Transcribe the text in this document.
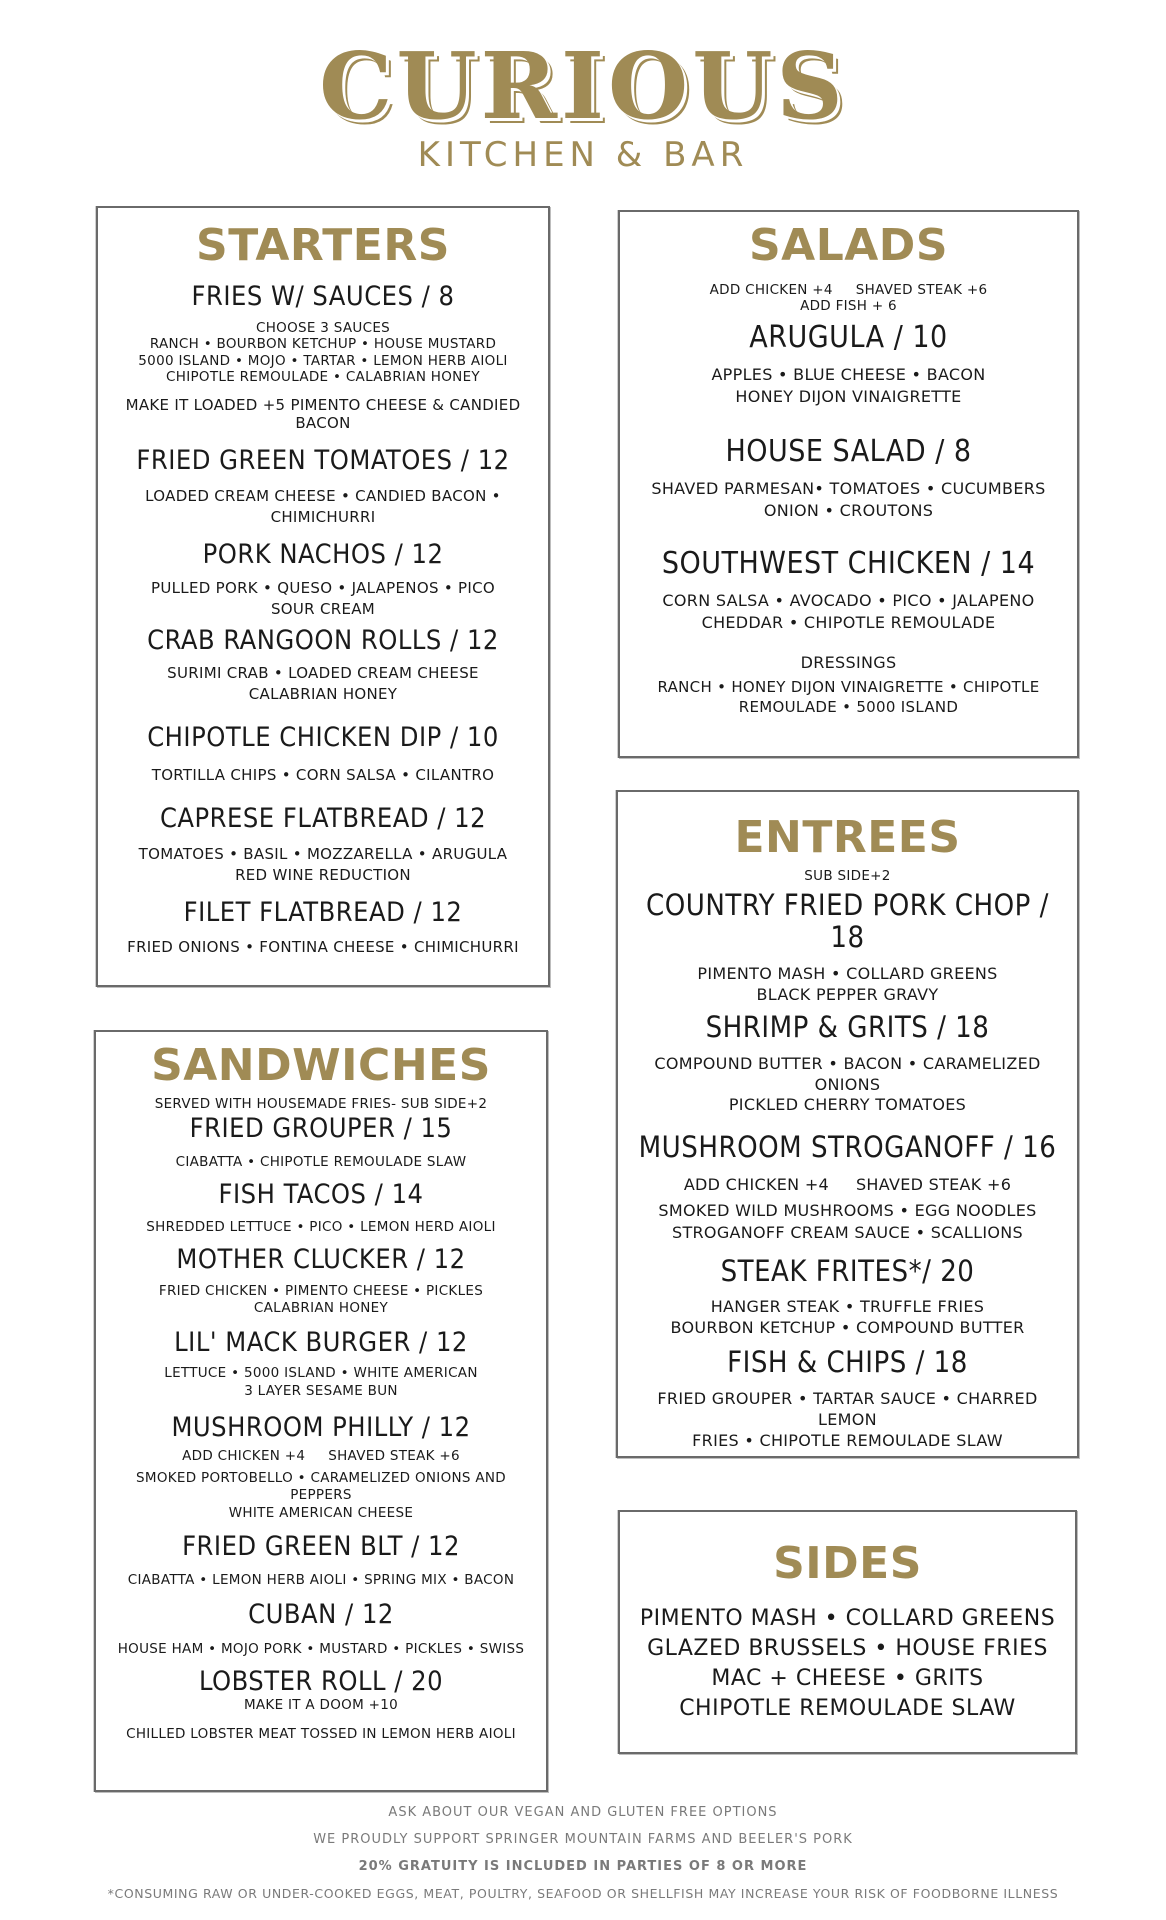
CURIOUS
KITCHEN & BAR
STARTERS
FRIES W/ SAUCES / 8
CHOOSE 3 SAUCES
RANCH • BOURBON KETCHUP • HOUSE MUSTARD
5000 ISLAND • MOJO • TARTAR • LEMON HERB AIOLI
CHIPOTLE REMOULADE • CALABRIAN HONEY
MAKE IT LOADED +5 PIMENTO CHEESE & CANDIED
BACON
FRIED GREEN TOMATOES / 12
LOADED CREAM CHEESE • CANDIED BACON • CHIMICHURRI
PORK NACHOS / 12
PULLED PORK • QUESO • JALAPENOS • PICO
SOUR CREAM
CRAB RANGOON ROLLS / 12
SURIMI CRAB • LOADED CREAM CHEESE
CALABRIAN HONEY
CHIPOTLE CHICKEN DIP / 10
TORTILLA CHIPS • CORN SALSA • CILANTRO
CAPRESE FLATBREAD / 12
TOMATOES • BASIL • MOZZARELLA • ARUGULA
RED WINE REDUCTION
FILET FLATBREAD / 12
FRIED ONIONS • FONTINA CHEESE • CHIMICHURRI
SALADS
ADD CHICKEN +4     SHAVED STEAK +6
ADD FISH + 6
ARUGULA / 10
APPLES • BLUE CHEESE • BACON
HONEY DIJON VINAIGRETTE
HOUSE SALAD / 8
SHAVED PARMESAN• TOMATOES • CUCUMBERS
ONION • CROUTONS
SOUTHWEST CHICKEN / 14
CORN SALSA • AVOCADO • PICO • JALAPENO
CHEDDAR • CHIPOTLE REMOULADE
DRESSINGS
RANCH • HONEY DIJON VINAIGRETTE • CHIPOTLE
REMOULADE • 5000 ISLAND
ENTREES
SUB SIDE+2
COUNTRY FRIED PORK CHOP / 18
PIMENTO MASH • COLLARD GREENS
BLACK PEPPER GRAVY
SHRIMP & GRITS / 18
COMPOUND BUTTER • BACON • CARAMELIZED ONIONS
PICKLED CHERRY TOMATOES
MUSHROOM STROGANOFF / 16
ADD CHICKEN +4     SHAVED STEAK +6
SMOKED WILD MUSHROOMS • EGG NOODLES
STROGANOFF CREAM SAUCE • SCALLIONS
STEAK FRITES*/ 20
HANGER STEAK • TRUFFLE FRIES
BOURBON KETCHUP • COMPOUND BUTTER
FISH & CHIPS / 18
FRIED GROUPER • TARTAR SAUCE • CHARRED LEMON
FRIES • CHIPOTLE REMOULADE SLAW
SANDWICHES
SERVED WITH HOUSEMADE FRIES- SUB SIDE+2
FRIED GROUPER / 15
CIABATTA • CHIPOTLE REMOULADE SLAW
FISH TACOS / 14
SHREDDED LETTUCE • PICO • LEMON HERD AIOLI
MOTHER CLUCKER / 12
FRIED CHICKEN • PIMENTO CHEESE • PICKLES
CALABRIAN HONEY
LIL' MACK BURGER / 12
LETTUCE • 5000 ISLAND • WHITE AMERICAN
3 LAYER SESAME BUN
MUSHROOM PHILLY / 12
ADD CHICKEN +4     SHAVED STEAK +6
SMOKED PORTOBELLO • CARAMELIZED ONIONS AND PEPPERS
WHITE AMERICAN CHEESE
FRIED GREEN BLT / 12
CIABATTA • LEMON HERB AIOLI • SPRING MIX • BACON
CUBAN / 12
HOUSE HAM • MOJO PORK • MUSTARD • PICKLES • SWISS
LOBSTER ROLL / 20
MAKE IT A DOOM +10
CHILLED LOBSTER MEAT TOSSED IN LEMON HERB AIOLI
SIDES
PIMENTO MASH • COLLARD GREENS
GLAZED BRUSSELS • HOUSE FRIES
MAC + CHEESE • GRITS
CHIPOTLE REMOULADE SLAW
ASK ABOUT OUR VEGAN AND GLUTEN FREE OPTIONS
WE PROUDLY SUPPORT SPRINGER MOUNTAIN FARMS AND BEELER'S PORK
20% GRATUITY IS INCLUDED IN PARTIES OF 8 OR MORE
*CONSUMING RAW OR UNDER-COOKED EGGS, MEAT, POULTRY, SEAFOOD OR SHELLFISH MAY INCREASE YOUR RISK OF FOODBORNE ILLNESS
